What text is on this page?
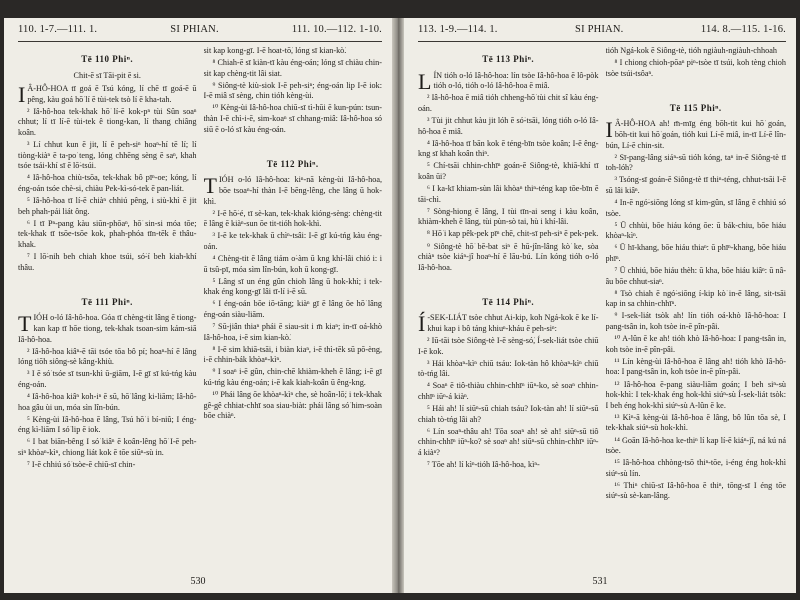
110. 1-7.—111. 1.	SI PHIAN.	111. 10.—112. 1-10.
Tē 110 Phiⁿ.

Chit-ē sī Tāi-pit ē si.

I Â-HÔ-HOA tī goá ē Tsú kóng, lí chē tī goá-ē ū pêng, kàu goá hō͘ lí ē tùi-tek tsò lí ē kha-tah.

² Iâ-hô-hoa tek-khak hō͘ lí-ē kok-pⁿ tùi Sûn soaⁿ chhut; lí tī lí-ē tùi-tek ê tiong-kan, lí thang chiâng koân.

³ Lí chhut kun ē jit, lí ē peh-siⁿ hoaⁿ-hí tē lí; lí tiòng-kiàⁿ ē ta-po͘ teng, lóng chhēng sèng ē saⁿ, khah tsóe tsái-khí sī ē lō͘-tsúi.

⁴ Iâ-hô-hoa chiù-tsōa, tek-khak bô pīⁿ-oe; kóng, lí éng-oán tsóe chè-si, chiàu Pek-kì-só-tek ē pan-liát.

⁵ Iâ-hô-hoa tī lí-ē chiàⁿ chhiú pêng, i siù-khì ē jit beh phah-pái liát ông.

⁶ I tī Pⁿ-pang kàu siūn-phōaⁿ, hō͘ sin-si móa tōe; tek-khak tī tsōe-tsōe kok, phah-phóa tīn-tēk ē thâu-khak.

⁷ I lō͘-nih beh chiah khoe tsúi, só͘-í beh kiah-khí thâu.

Tē 111 Phiⁿ.

TIÓH o-ló Iâ-hô-hoa. Góa tī chèng-tit lâng ē tiong-kan kap tī hōe tiong, tek-khak tsoan-sim kám-siā Iâ-hô-hoa.

² Iâ-hô-hoa kiâⁿ-ē tāi tsóe tōa bô pí; hoaⁿ-hí ē lâng lóng tiōh siông-sè kâng-khiù.

³ I ē só͘ tsóe sī tsun-khì ū-giām, I-ē gī sī kú-tńg kàu éng-oán.

⁴ Iâ-hô-hoa kiâⁿ koh-iⁿ ē sū, hō͘ lâng ki-liām; Iâ-hô-hoa gâu ùi un, móa sìn lîn-bún.

⁵ Kèng-ùi Iâ-hô-hoa ē lâng, Tsú hō͘ i bí-niû; I éng-éng kì-liām I só͘ lip ē iok.

⁶ I bat biān-bêng I só͘ kiâⁿ ē koân-lêng hō͘ I-ē peh-siⁿ khòaⁿ-kìⁿ, chiong liát kok ē tōe siūⁿ-sù in.

⁷ I-ē chhiú só͘ tsòe-ē chiū-sī chin-

sit kap kong-gī. I-ē hoat-tō͘, lóng sī kian-kò͘.

⁸ Chiah-ē sī kiàn-tī kàu éng-oán; lóng sī chiàu chin-sit kap chèng-tit lâi siat.

⁹ Siông-tè kiù-siok I-ē peh-siⁿ; éng-oán lip I-ē iok: I-ē miâ sī sèng, chin tióh kèng-ùi.

¹⁰ Kèng-ùi Iâ-hô-hoa chiū-sī tì-hūi ē kun-pún: tsun-thàn I-ē chì-i-ē, sim-koaⁿ sī chhang-miâ: Iâ-hô-hoa só͘ siū ē o-ló sī kàu éng-oán.

Tē 112 Phiⁿ.

TIÓH o-ló Iâ-hô-hoa: kiⁿ-nā kèng-ùi Iâ-hô-hoa, bōe tsoaⁿ-hí thàn I-ē bēng-lêng, che lâng ū hok-khì.

² I-ē hō͘-é, tī sè-kan, tek-khak kióng-sèng: chèng-tit ē lâng ē kiàⁿ-sun ōe tit-tióh hok-khì.

³ I-ē ke tek-khak ū chìⁿ-tsâi: I-ē gī kú-tńg kàu éng-oán.

⁴ Chèng-tit ē lâng tiám o͘-àm ū kng khí-lâi chió i: i ū tsû-pī, móa sìm lîn-bún, koh ū kong-gī.

⁵ Lâng sī un éng gûn chioh lâng ū hok-khì; i tek-khak éng kong-gī lâi tī-lí i-ē sū.

⁶ I éng-oán bōe iō-tāng; kiàⁿ gī ē lâng ōe hō͘ lâng éng-oán siàu-liām.

⁷ Sū-jiân thiaⁿ phái ē siau-sit i m̄ kiaⁿ; in-tī oá-khò Iâ-hô-hoa, i-ē sim kian-kò͘.

⁸ I-ē sim khiā-tsāi, i biàn kiaⁿ, i-ē thì-tēk sū pō-èng, i-ē chhin-bák khòaⁿ-kìⁿ.

⁹ I soaⁿ i-ē gûn, chin-chē khiàm-kheh ē lâng; i-ē gī kú-tńg kàu éng-oán; i-ē kak kiah-koân ū êng-kng.

¹⁰ Phái lâng ōe khòaⁿ-kìⁿ che, sè hoân-lō͘; i tek-khak gê-gê chhiat-chhī soa siau-biàt: phái lâng só͘ him-soàn bōe chiàⁿ.

530
113. 1-9.—114. 1.	SI PHIAN.	114. 8.—115. 1-16.
Tē 113 Phiⁿ.

LÍN tióh o-ló Iâ-hô-hoa: lín tsòe Iâ-hô-hoa ē lô-pòk tióh o-ló, tióh o-ló Iâ-hô-hoa ē miâ.

² Iâ-hô-hoa ē miâ tióh chheng-hō͘ tùi chit sî kàu éng-oán.

³ Tùi jit chhut kàu jit lóh ē só͘-tsāi, lóng tióh o-ló Iâ-hô-hoa ē miâ.

⁴ Iâ-hô-hoa tī bān kok ē téng-bīn tsòe koân; I-ē êng-kng sī khah koân thiⁿ.

⁵ Chí-tsāi chhin-chhīⁿ goán-ē Siông-tè, khiā-khí tī koân ūi?

⁶ I ka-kī khiam-sùn lâi khòaⁿ thiⁿ-téng kap tōe-bīn ē tāi-chì.

⁷ Sòng-hiong ē lâng, I tùi tīn-ai seng i kàu koân, khiàm-kheh ē lâng, tùi pùn-sò tai, hù i khí-lâi.

⁸ Hō͘ i kap pêk-pek pīⁿ chē, chit-sī peh-siⁿ ē pek-pek.

⁹ Siông-tè hō͘ bē-bat siⁿ ē hū-jîn-lâng kò͘ ke, sòa chiàⁿ tsòe kiáⁿ-jî hoaⁿ-hí ē lāu-bú. Lín kóng tióh o-ló Iâ-hô-hoa.

Tē 114 Phiⁿ.

Í -SEK-LIÁT tsòe chhut Ai-kip, koh Ngá-kok ē ke lí-khui kap i bô táng khiuⁿ-kháu ē peh-siⁿ:

² Iū-tāi tsòe Siông-tè I-ē sèng-só͘, Í-sek-liát tsòe chiū I-ē kok.

³ Hái khòaⁿ-kìⁿ chiū tsáu: Iok-tàn hô khòaⁿ-kìⁿ chiū tò-tńg lâi.

⁴ Soaⁿ ē tiô-thiàu chhin-chhīⁿ iūⁿ-ko, sè soaⁿ chhin-chhīⁿ iūⁿ-á kiàⁿ.

⁵ Hái ah! lí siūⁿ-sū chiah tsáu? Iok-tàn ah! lí siūⁿ-sū chiah tò-tńg lâi ah?

⁶ Lín soaⁿ-thâu ah! Tōa soaⁿ ah! sè ah! siūⁿ-sū tiô chhin-chhīⁿ iūⁿ-ko? sè soaⁿ ah! siūⁿ-sū chhin-chhīⁿ iūⁿ-á kiàⁿ?

⁷ Tōe ah! lí kìⁿ-tióh Iâ-hô-hoa, kìⁿ-

tióh Ngá-kok ē Siông-tè, tióh ngiàuh-ngiàuh-chhoah

⁸ I chiong chioh-pōaⁿ piⁿ-tsòe tī tsúi, koh tèng chioh tsòe tsúi-tsôaⁿ.

Tē 115 Phiⁿ.

I Â-HÔ-HOA ah! m̄-mīg éng bōh-tit kui hō͘ goán, bōh-tit kui hō͘ goán, tióh kui Lí-ē miâ, in-tī Lí-ē lîn-bún, Lí-ē chin-sit.

² Sī-pang-lâng siáⁿ-sū tióh kóng, taⁿ in-ē Siông-tè tī toh-lóh?

³ Tsóng-sī goán-ē Siông-tè tī thiⁿ-téng, chhut-tsāi I-ē sū lâi kiâⁿ.

⁴ In-ē ngó͘-siōng lóng sī kim-gûn, sī lâng ē chhiú só͘ tsòe.

⁵ Ū chhùi, bōe hiáu kóng ōe: ū bák-chiu, bōe hiáu khòaⁿ-kìⁿ.

⁶ Ū hī-khang, bōe hiáu thiaⁿ: ū phīⁿ-khang, bōe hiáu phīⁿ.

⁷ Ū chhiú, bōe hiáu thèh: ū kha, bōe hiáu kiâⁿ: ū nâ-âu bōe chhut-siaⁿ.

⁸ Tsò chiah ē ngó͘-siōng í-kip kò͘ in-ē lâng, sit-tsāi kap in sa chhin-chhīⁿ.

⁹ I-sek-liát tsòk ah! lín tióh oá-khò Iâ-hô-hoa: I pang-tsân in, koh tsòe in-ē pîn-pâi.

¹⁰ A-lûn ē ke ah! tióh khò Iâ-hô-hoa: I pang-tsân in, koh tsòe in-ē pîn-pâi.

¹¹ Lín kèng-ùi Iâ-hô-hoa ē lâng ah! tióh khò Iâ-hô-hoa: I pang-tsân in, koh tsòe in-ē pîn-pâi.

¹² Iâ-hô-hoa ē-pang siàu-liām goán; I beh siⁿ-sù hok-khì: I tek-khak éng hok-khì siúⁿ-sù Í-sek-liát tsòk: I beh éng hok-khì siúⁿ-sù A-lûn ē ke.

¹³ Kìⁿ-ā kèng-ùi Iâ-hô-hoa ē lâng, bô lûn tōa sè, I tek-khak siúⁿ-sù hok-khì.

¹⁴ Goān Iâ-hô-hoa ke-thiⁿ lí kap lí-ē kiáⁿ-jî, ná kú ná tsòe.

¹⁵ Iâ-hô-hoa chhòng-tsō thiⁿ-tōe, i-éng éng hok-khì siúⁿ-sù lín.

¹⁶ Thiⁿ chiū-sī Iâ-hô-hoa ē thiⁿ, tōng-sī I éng tōe siúⁿ-sù sè-kan-lâng.

531
